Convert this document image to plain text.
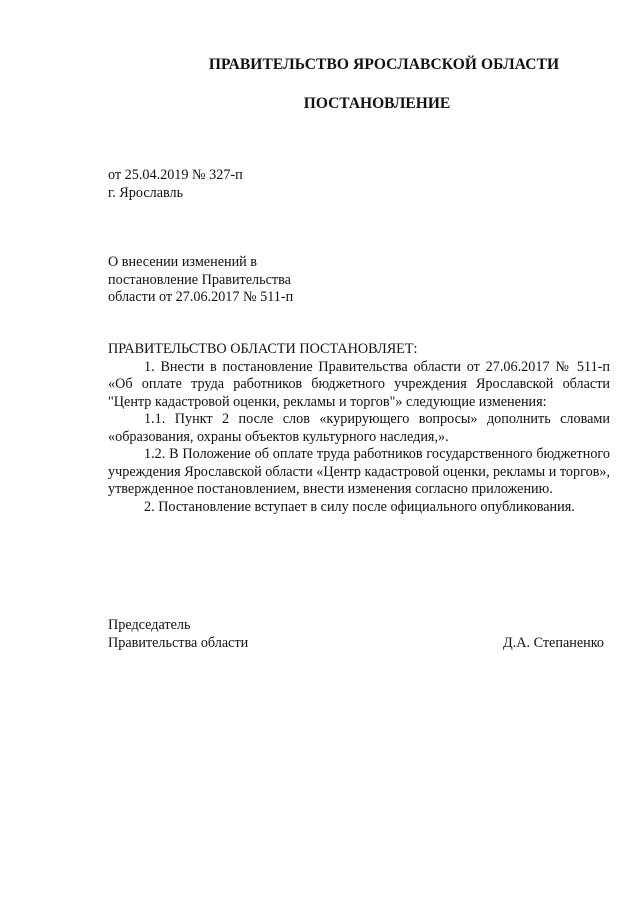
ПРАВИТЕЛЬСТВО ЯРОСЛАВСКОЙ ОБЛАСТИ
ПОСТАНОВЛЕНИЕ
от 25.04.2019 № 327-п
г. Ярославль
О внесении изменений в
постановление Правительства
области от 27.06.2017 № 511-п

ПРАВИТЕЛЬСТВО ОБЛАСТИ ПОСТАНОВЛЯЕТ:

1. Внести в постановление Правительства области от 27.06.2017 № 511-п «Об оплате труда работников бюджетного учреждения Ярославской области "Центр кадастровой оценки, рекламы и торгов"» следующие изменения:

1.1. Пункт 2 после слов «курирующего вопросы» дополнить словами «образования, охраны объектов культурного наследия,».

1.2. В Положение об оплате труда работников государственного бюджетного учреждения Ярославской области «Центр кадастровой оценки, рекламы и торгов», утвержденное постановлением, внести изменения согласно приложению.

2. Постановление вступает в силу после официального опубликования.

Председатель
Правительства области	Д.А. Степаненко
